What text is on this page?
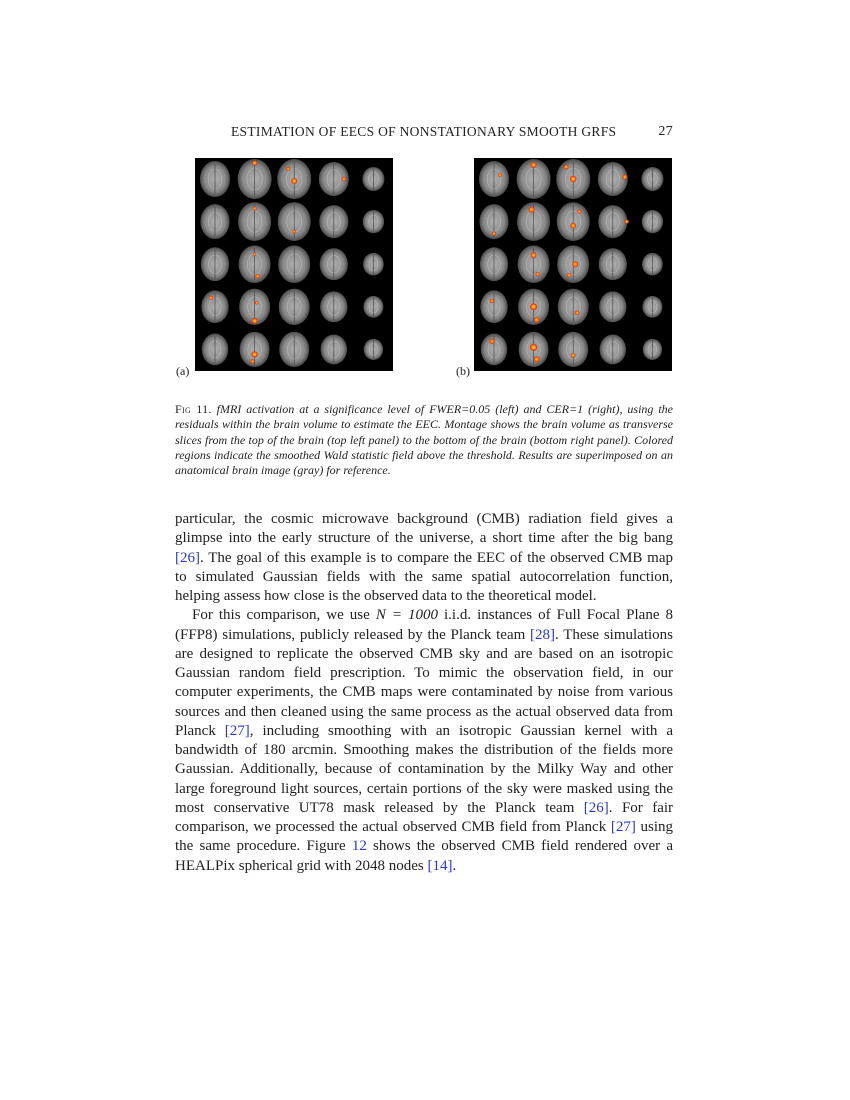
ESTIMATION OF EECS OF NONSTATIONARY SMOOTH GRFS	27
(a)	(b)
Fig 11. fMRI activation at a significance level of FWER=0.05 (left) and CER=1 (right), using the residuals within the brain volume to estimate the EEC. Montage shows the brain volume as transverse slices from the top of the brain (top left panel) to the bottom of the brain (bottom right panel). Colored regions indicate the smoothed Wald statistic field above the threshold. Results are superimposed on an anatomical brain image (gray) for reference.

particular, the cosmic microwave background (CMB) radiation field gives a glimpse into the early structure of the universe, a short time after the big bang [26]. The goal of this example is to compare the EEC of the observed CMB map to simulated Gaussian fields with the same spatial autocorrelation function, helping assess how close is the observed data to the theoretical model.

For this comparison, we use N = 1000 i.i.d. instances of Full Focal Plane 8 (FFP8) simulations, publicly released by the Planck team [28]. These simulations are designed to replicate the observed CMB sky and are based on an isotropic Gaussian random field prescription. To mimic the observation field, in our computer experiments, the CMB maps were contaminated by noise from various sources and then cleaned using the same process as the actual observed data from Planck [27], including smoothing with an isotropic Gaussian kernel with a bandwidth of 180 arcmin. Smoothing makes the distribution of the fields more Gaussian. Additionally, because of contamination by the Milky Way and other large foreground light sources, certain portions of the sky were masked using the most conservative UT78 mask released by the Planck team [26]. For fair comparison, we processed the actual observed CMB field from Planck [27] using the same procedure. Figure 12 shows the observed CMB field rendered over a HEALPix spherical grid with 2048 nodes [14].
